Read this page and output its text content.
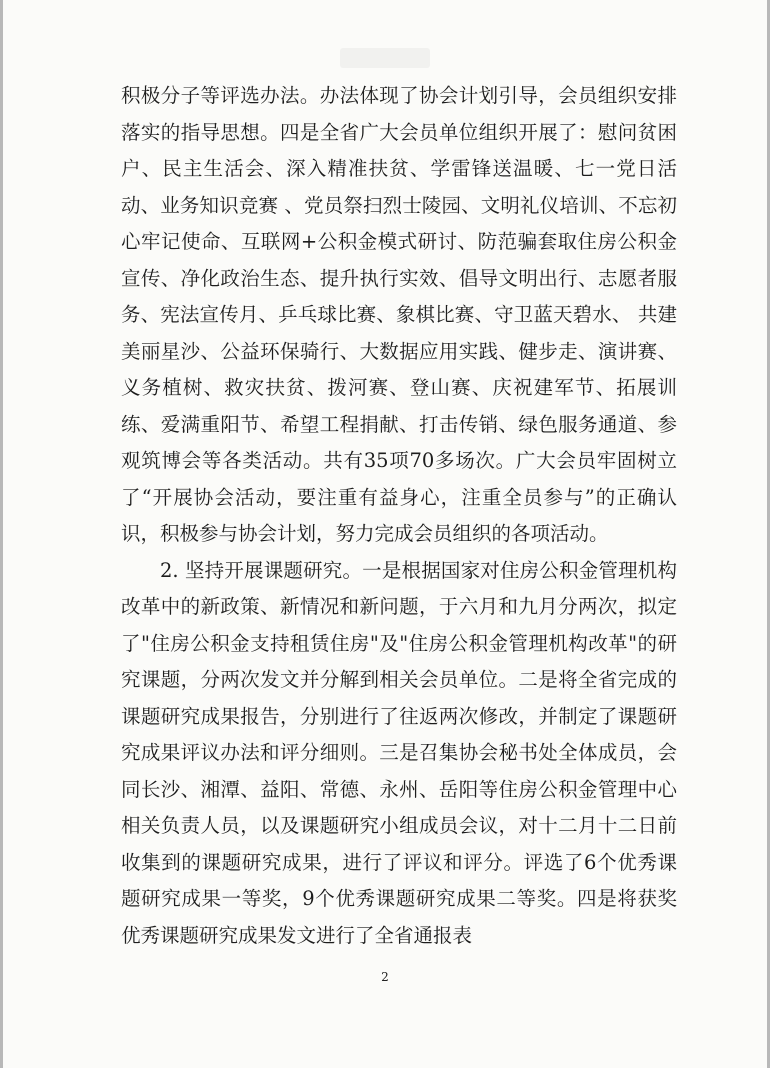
积极分子等评选办法。办法体现了协会计划引导，会员组织安排落实的指导思想。四是全省广大会员单位组织开展了：慰问贫困户、民主生活会、深入精准扶贫、学雷锋送温暖、七一党日活动、业务知识竞赛 、党员祭扫烈士陵园、文明礼仪培训、不忘初心牢记使命、互联网+公积金模式研讨、防范骗套取住房公积金宣传、净化政治生态、提升执行实效、倡导文明出行、志愿者服务、宪法宣传月、乒乓球比赛、象棋比赛、守卫蓝天碧水、 共建美丽星沙、公益环保骑行、大数据应用实践、健步走、演讲赛、义务植树、救灾扶贫、拨河赛、登山赛、庆祝建军节、拓展训练、爱满重阳节、希望工程捐献、打击传销、绿色服务通道、参观筑博会等各类活动。共有35项70多场次。广大会员牢固树立了“开展协会活动，要注重有益身心，注重全员参与”的正确认识，积极参与协会计划，努力完成会员组织的各项活动。

2. 坚持开展课题研究。一是根据国家对住房公积金管理机构改革中的新政策、新情况和新问题，于六月和九月分两次，拟定了"住房公积金支持租赁住房"及"住房公积金管理机构改革"的研究课题，分两次发文并分解到相关会员单位。二是将全省完成的课题研究成果报告，分别进行了往返两次修改，并制定了课题研究成果评议办法和评分细则。三是召集协会秘书处全体成员，会同长沙、湘潭、益阳、常德、永州、岳阳等住房公积金管理中心相关负责人员，以及课题研究小组成员会议，对十二月十二日前收集到的课题研究成果，进行了评议和评分。评选了6个优秀课题研究成果一等奖，9个优秀课题研究成果二等奖。四是将获奖优秀课题研究成果发文进行了全省通报表

2
